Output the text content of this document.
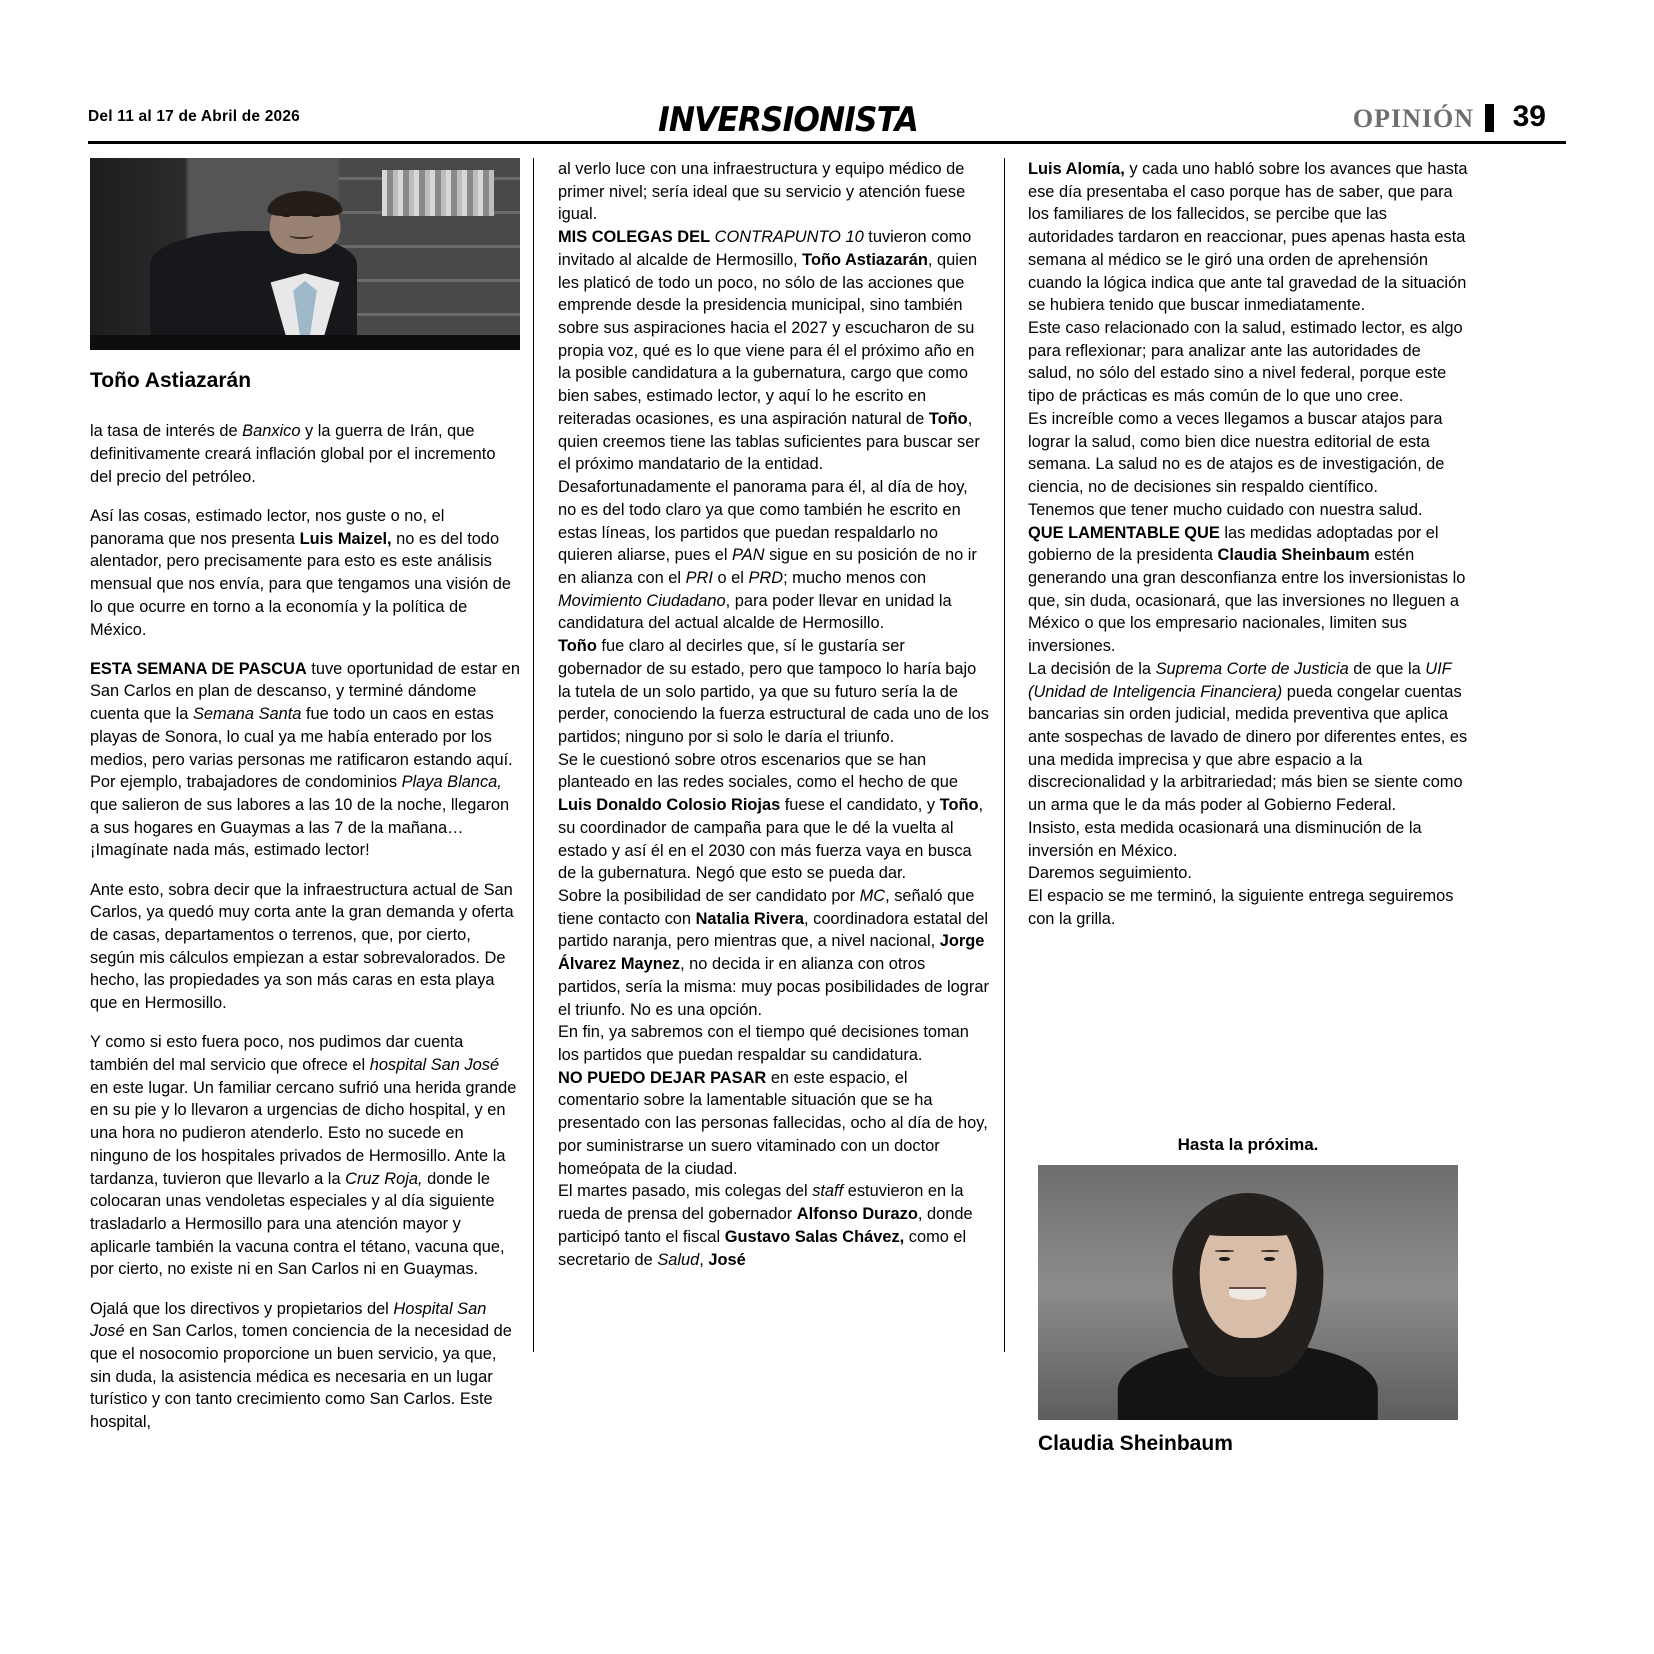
Del 11 al 17 de Abril de 2026	INVERSIONISTA	OPINIÓN 39
Toño Astiazarán

la tasa de interés de Banxico y la guerra de Irán, que definitivamente creará inflación global por el incremento del precio del petróleo.

Así las cosas, estimado lector, nos guste o no, el panorama que nos presenta Luis Maizel, no es del todo alentador, pero precisamente para esto es este análisis mensual que nos envía, para que tengamos una visión de lo que ocurre en torno a la economía y la política de México.

ESTA SEMANA DE PASCUA tuve oportunidad de estar en San Carlos en plan de descanso, y terminé dándome cuenta que la Semana Santa fue todo un caos en estas playas de Sonora, lo cual ya me había enterado por los medios, pero varias personas me ratificaron estando aquí. Por ejemplo, trabajadores de condominios Playa Blanca, que salieron de sus labores a las 10 de la noche, llegaron a sus hogares en Guaymas a las 7 de la mañana…¡Imagínate nada más, estimado lector!

Ante esto, sobra decir que la infraestructura actual de San Carlos, ya quedó muy corta ante la gran demanda y oferta de casas, departamentos o terrenos, que, por cierto, según mis cálculos empiezan a estar sobrevalorados. De hecho, las propiedades ya son más caras en esta playa que en Hermosillo.

Y como si esto fuera poco, nos pudimos dar cuenta también del mal servicio que ofrece el hospital San José en este lugar. Un familiar cercano sufrió una herida grande en su pie y lo llevaron a urgencias de dicho hospital, y en una hora no pudieron atenderlo. Esto no sucede en ninguno de los hospitales privados de Hermosillo. Ante la tardanza, tuvieron que llevarlo a la Cruz Roja, donde le colocaran unas vendoletas especiales y al día siguiente trasladarlo a Hermosillo para una atención mayor y aplicarle también la vacuna contra el tétano, vacuna que, por cierto, no existe ni en San Carlos ni en Guaymas.

Ojalá que los directivos y propietarios del Hospital San José en San Carlos, tomen conciencia de la necesidad de que el nosocomio proporcione un buen servicio, ya que, sin duda, la asistencia médica es necesaria en un lugar turístico y con tanto crecimiento como San Carlos. Este hospital,

al verlo luce con una infraestructura y equipo médico de primer nivel; sería ideal que su servicio y atención fuese igual.

MIS COLEGAS DEL CONTRAPUNTO 10 tuvieron como invitado al alcalde de Hermosillo, Toño Astiazarán, quien les platicó de todo un poco, no sólo de las acciones que emprende desde la presidencia municipal, sino también sobre sus aspiraciones hacia el 2027 y escucharon de su propia voz, qué es lo que viene para él el próximo año en la posible candidatura a la gubernatura, cargo que como bien sabes, estimado lector, y aquí lo he escrito en reiteradas ocasiones, es una aspiración natural de Toño, quien creemos tiene las tablas suficientes para buscar ser el próximo mandatario de la entidad.

Desafortunadamente el panorama para él, al día de hoy, no es del todo claro ya que como también he escrito en estas líneas, los partidos que puedan respaldarlo no quieren aliarse, pues el PAN sigue en su posición de no ir en alianza con el PRI o el PRD; mucho menos con Movimiento Ciudadano, para poder llevar en unidad la candidatura del actual alcalde de Hermosillo.

Toño fue claro al decirles que, sí le gustaría ser gobernador de su estado, pero que tampoco lo haría bajo la tutela de un solo partido, ya que su futuro sería la de perder, conociendo la fuerza estructural de cada uno de los partidos; ninguno por si solo le daría el triunfo.

Se le cuestionó sobre otros escenarios que se han planteado en las redes sociales, como el hecho de que Luis Donaldo Colosio Riojas fuese el candidato, y Toño, su coordinador de campaña para que le dé la vuelta al estado y así él en el 2030 con más fuerza vaya en busca de la gubernatura. Negó que esto se pueda dar.

Sobre la posibilidad de ser candidato por MC, señaló que tiene contacto con Natalia Rivera, coordinadora estatal del partido naranja, pero mientras que, a nivel nacional, Jorge Álvarez Maynez, no decida ir en alianza con otros partidos, sería la misma: muy pocas posibilidades de lograr el triunfo. No es una opción.

En fin, ya sabremos con el tiempo qué decisiones toman los partidos que puedan respaldar su candidatura.

NO PUEDO DEJAR PASAR en este espacio, el comentario sobre la lamentable situación que se ha presentado con las personas fallecidas, ocho al día de hoy, por suministrarse un suero vitaminado con un doctor homeópata de la ciudad.

El martes pasado, mis colegas del staff estuvieron en la rueda de prensa del gobernador Alfonso Durazo, donde participó tanto el fiscal Gustavo Salas Chávez, como el secretario de Salud, José

Luis Alomía, y cada uno habló sobre los avances que hasta ese día presentaba el caso porque has de saber, que para los familiares de los fallecidos, se percibe que las autoridades tardaron en reaccionar, pues apenas hasta esta semana al médico se le giró una orden de aprehensión cuando la lógica indica que ante tal gravedad de la situación se hubiera tenido que buscar inmediatamente.

Este caso relacionado con la salud, estimado lector, es algo para reflexionar; para analizar ante las autoridades de salud, no sólo del estado sino a nivel federal, porque este tipo de prácticas es más común de lo que uno cree.

Es increíble como a veces llegamos a buscar atajos para lograr la salud, como bien dice nuestra editorial de esta semana. La salud no es de atajos es de investigación, de ciencia, no de decisiones sin respaldo científico.

Tenemos que tener mucho cuidado con nuestra salud.

QUE LAMENTABLE QUE las medidas adoptadas por el gobierno de la presidenta Claudia Sheinbaum estén generando una gran desconfianza entre los inversionistas lo que, sin duda, ocasionará, que las inversiones no lleguen a México o que los empresario nacionales, limiten sus inversiones.

La decisión de la Suprema Corte de Justicia de que la UIF (Unidad de Inteligencia Financiera) pueda congelar cuentas bancarias sin orden judicial, medida preventiva que aplica ante sospechas de lavado de dinero por diferentes entes, es una medida imprecisa y que abre espacio a la discrecionalidad y la arbitrariedad; más bien se siente como un arma que le da más poder al Gobierno Federal.

Insisto, esta medida ocasionará una disminución de la inversión en México.

Daremos seguimiento.

El espacio se me terminó, la siguiente entrega seguiremos con la grilla.

Hasta la próxima.
Claudia Sheinbaum
